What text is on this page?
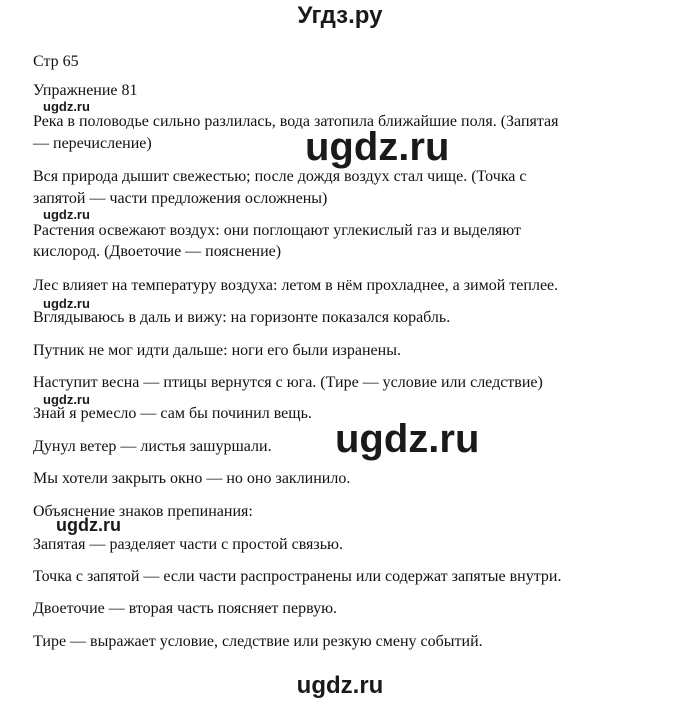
Угдз.ру
Стр 65
Упражнение 81
Река в половодье сильно разлилась, вода затопила ближайшие поля. (Запятая
— перечисление)
Вся природа дышит свежестью; после дождя воздух стал чище. (Точка с
запятой — части предложения осложнены)
Растения освежают воздух: они поглощают углекислый газ и выделяют
кислород. (Двоеточие — пояснение)
Лес влияет на температуру воздуха: летом в нём прохладнее, а зимой теплее.
Вглядываюсь в даль и вижу: на горизонте показался корабль.
Путник не мог идти дальше: ноги его были изранены.
Наступит весна — птицы вернутся с юга. (Тире — условие или следствие)
Знай я ремесло — сам бы починил вещь.
Дунул ветер — листья зашуршали.
Мы хотели закрыть окно — но оно заклинило.
Объяснение знаков препинания:
Запятая — разделяет части с простой связью.
Точка с запятой — если части распространены или содержат запятые внутри.
Двоеточие — вторая часть поясняет первую.
Тире — выражает условие, следствие или резкую смену событий.
ugdz.ru
ugdz.ru
ugdz.ru
ugdz.ru
ugdz.ru
ugdz.ru
ugdz.ru
ugdz.ru
